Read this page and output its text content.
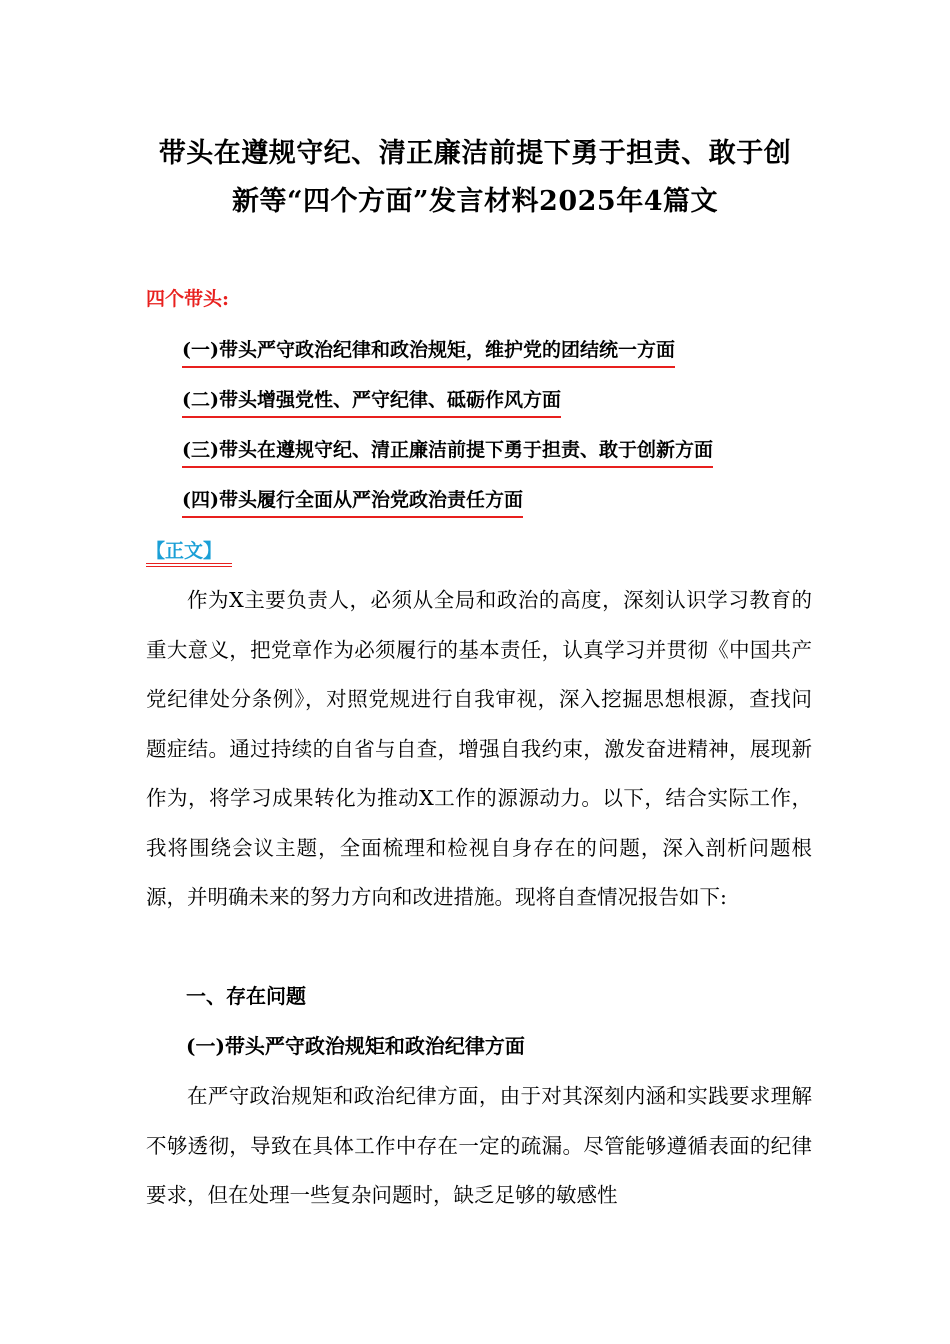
带头在遵规守纪、清正廉洁前提下勇于担责、敢于创
新等“四个方面”发言材料2025年4篇文

四个带头:

(一)带头严守政治纪律和政治规矩，维护党的团结统一方面
(二)带头增强党性、严守纪律、砥砺作风方面
(三)带头在遵规守纪、清正廉洁前提下勇于担责、敢于创新方面
(四)带头履行全面从严治党政治责任方面

【正文】

作为X主要负责人，必须从全局和政治的高度，深刻认识学习教育的重大意义，把党章作为必须履行的基本责任，认真学习并贯彻《中国共产党纪律处分条例》，对照党规进行自我审视，深入挖掘思想根源，查找问题症结。通过持续的自省与自查，增强自我约束，激发奋进精神，展现新作为，将学习成果转化为推动X工作的源源动力。以下，结合实际工作，我将围绕会议主题，全面梳理和检视自身存在的问题，深入剖析问题根源，并明确未来的努力方向和改进措施。现将自查情况报告如下:

一、存在问题

(一)带头严守政治规矩和政治纪律方面

在严守政治规矩和政治纪律方面，由于对其深刻内涵和实践要求理解不够透彻，导致在具体工作中存在一定的疏漏。尽管能够遵循表面的纪律要求，但在处理一些复杂问题时，缺乏足够的敏感性
